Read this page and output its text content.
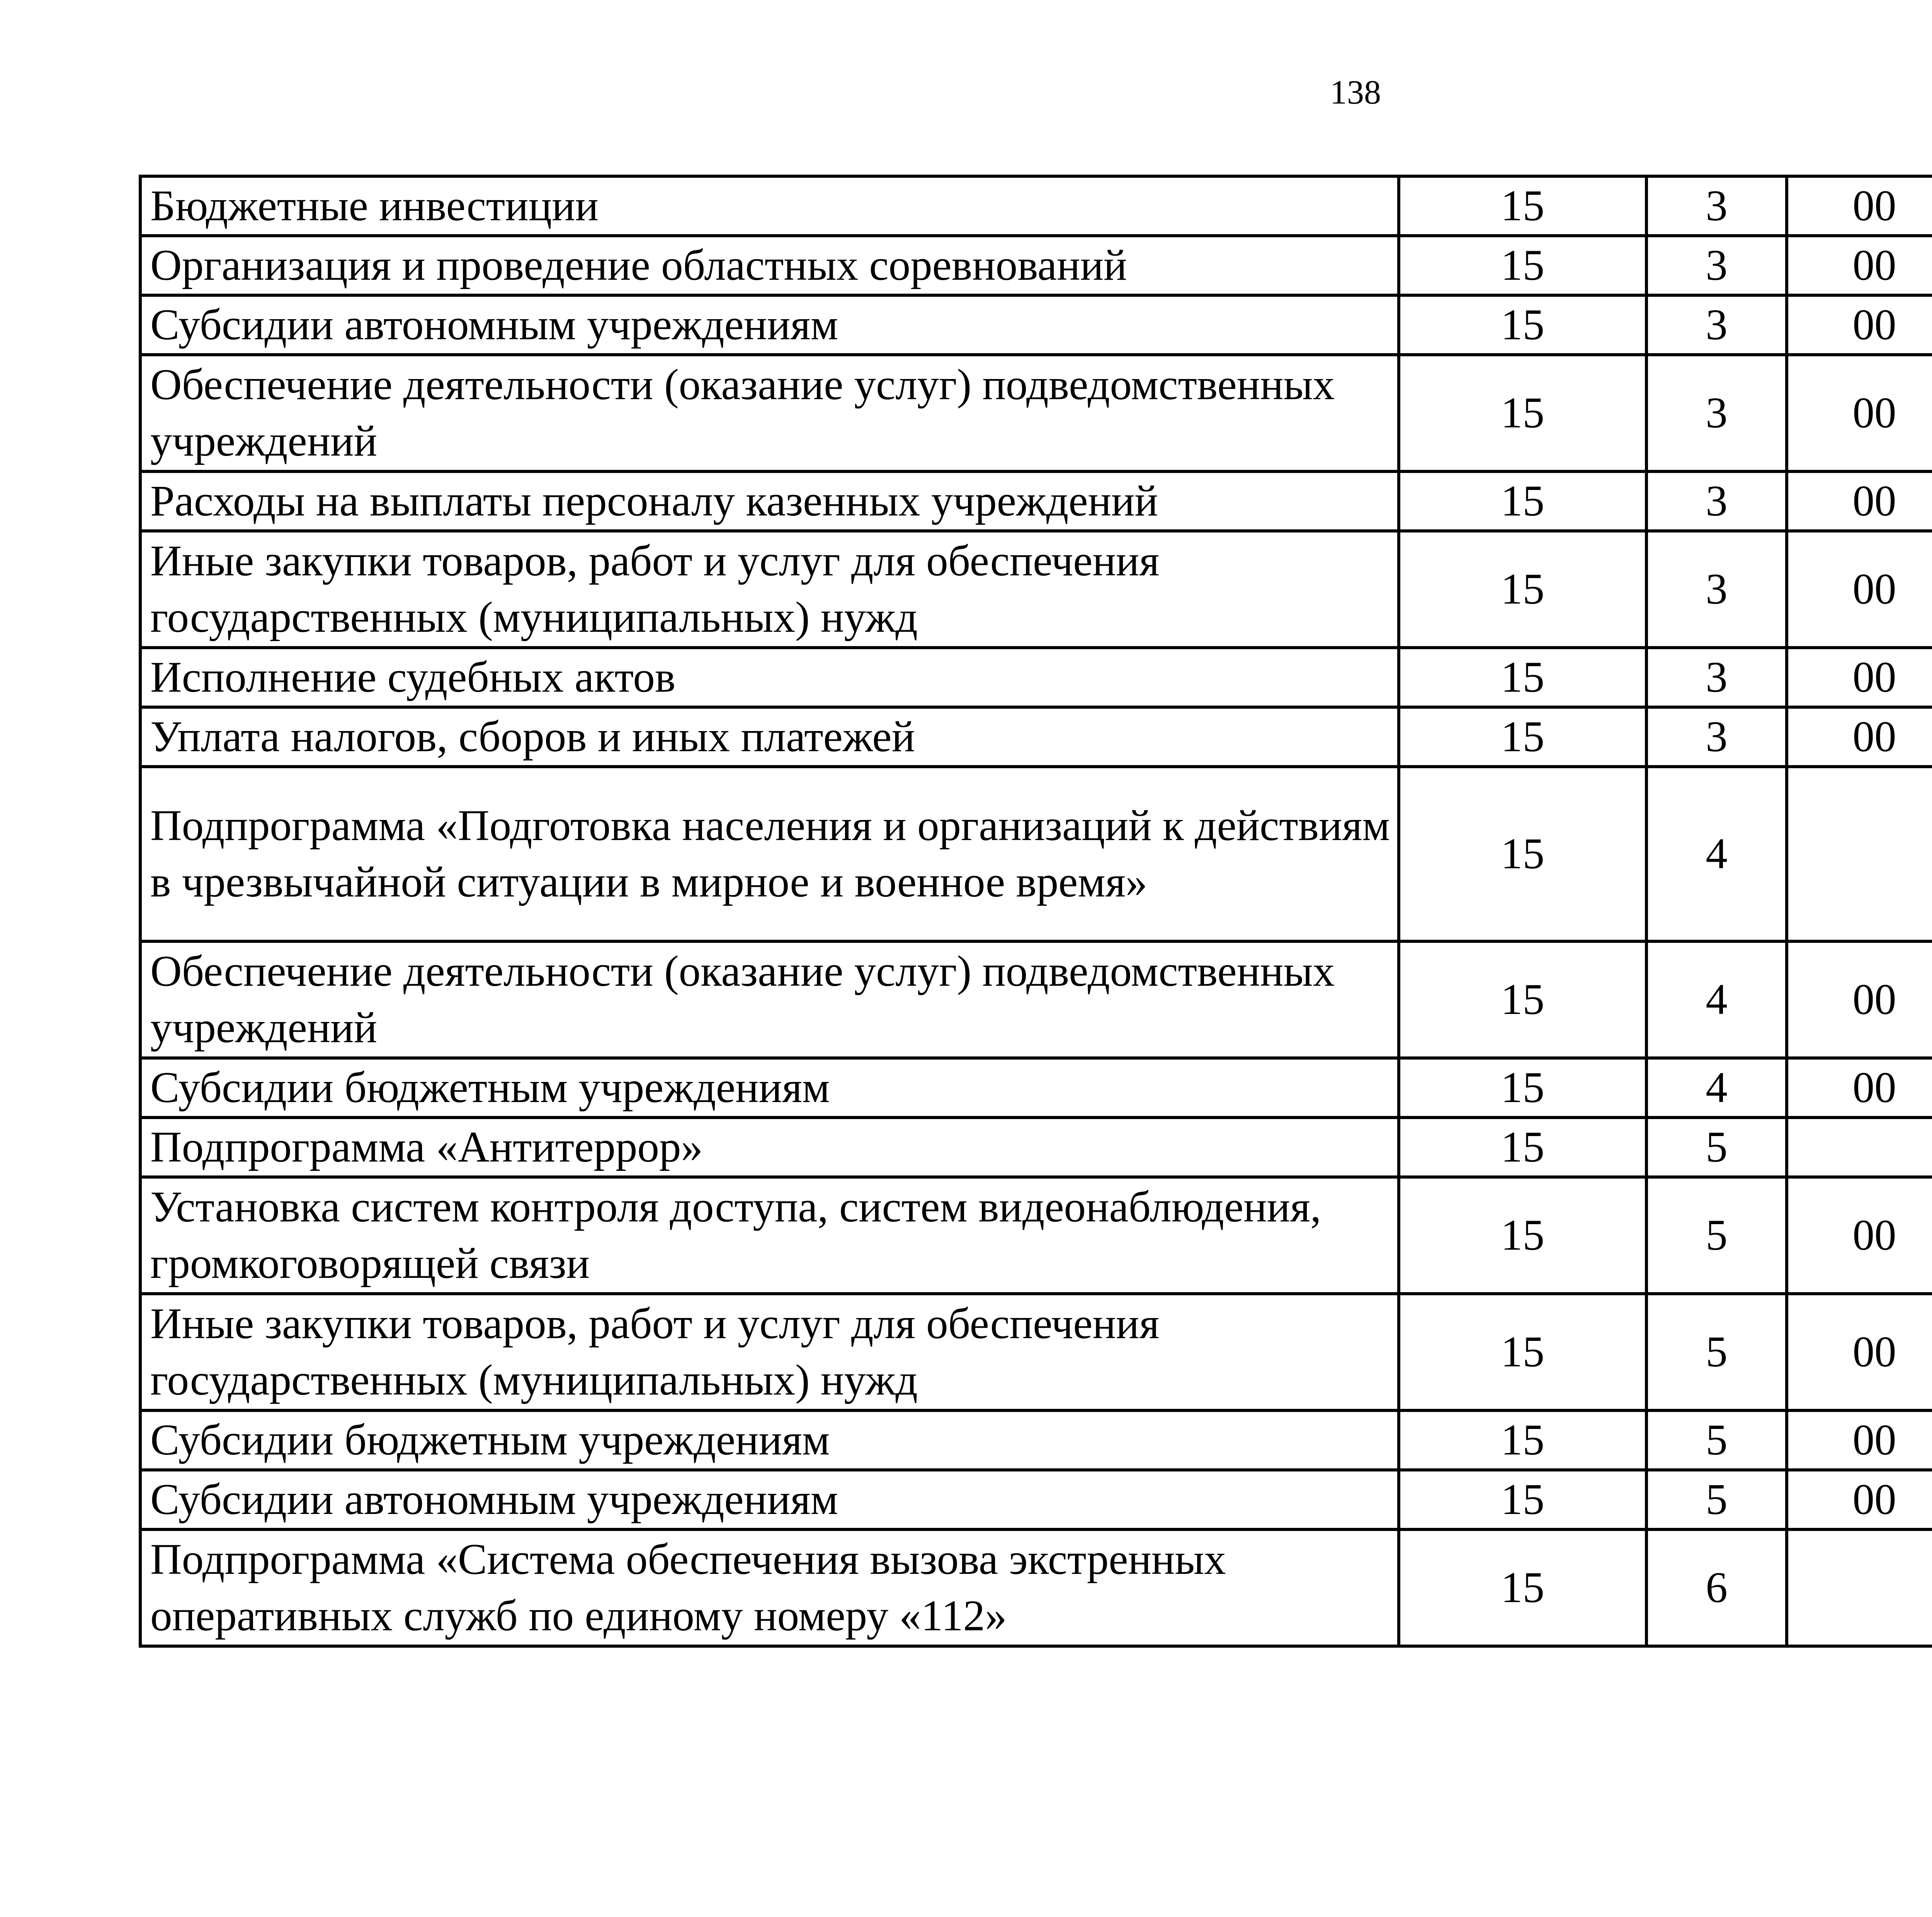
138
Бюджетные инвестиции	15	3	00			
Организация и проведение областных соревнований	15	3	00			
Субсидии автономным учреждениям	15	3	00			
Обеспечение деятельности (оказание услуг) подведомственных учреждений	15	3	00			
Расходы на выплаты персоналу казенных учреждений	15	3	00			
Иные закупки товаров, работ и услуг для обеспечения государственных (муниципальных) нужд	15	3	00			
Исполнение судебных актов	15	3	00			
Уплата налогов, сборов и иных платежей	15	3	00			
Подпрограмма «Подготовка населения и организаций к действиям в чрезвычайной ситуации в мирное и военное время»	15	4				
Обеспечение деятельности (оказание услуг) подведомственных учреждений	15	4	00			
Субсидии бюджетным учреждениям	15	4	00			
Подпрограмма «Антитеррор»	15	5				
Установка систем контроля доступа, систем видеонаблюдения, громкоговорящей связи	15	5	00			
Иные закупки товаров, работ и услуг для обеспечения государственных (муниципальных) нужд	15	5	00			
Субсидии бюджетным учреждениям	15	5	00			
Субсидии автономным учреждениям	15	5	00			
Подпрограмма «Система обеспечения вызова экстренных оперативных служб по единому номеру «112»	15	6				
